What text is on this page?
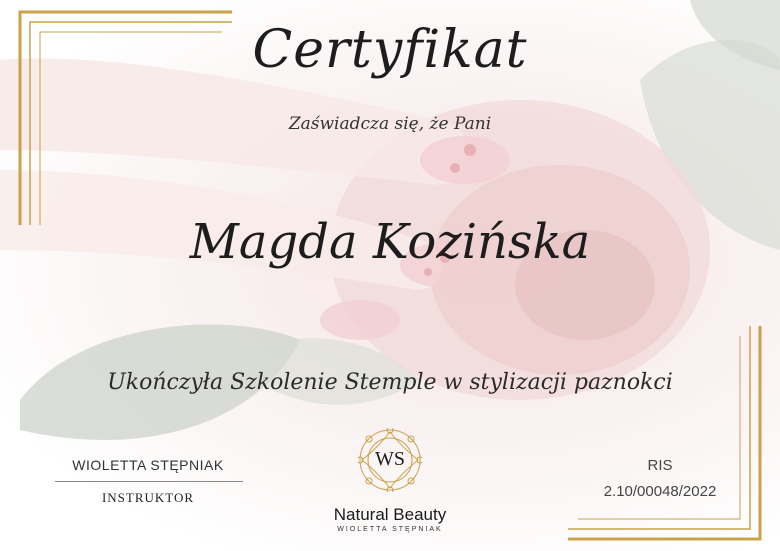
Certyfikat
Zaświadcza się, że Pani
Magda Kozińska
Ukończyła Szkolenie Stemple w stylizacji paznokci
WIOLETTA STĘPNIAK
INSTRUKTOR
WS
Natural Beauty
WIOLETTA STĘPNIAK
RIS
2.10/00048/2022
